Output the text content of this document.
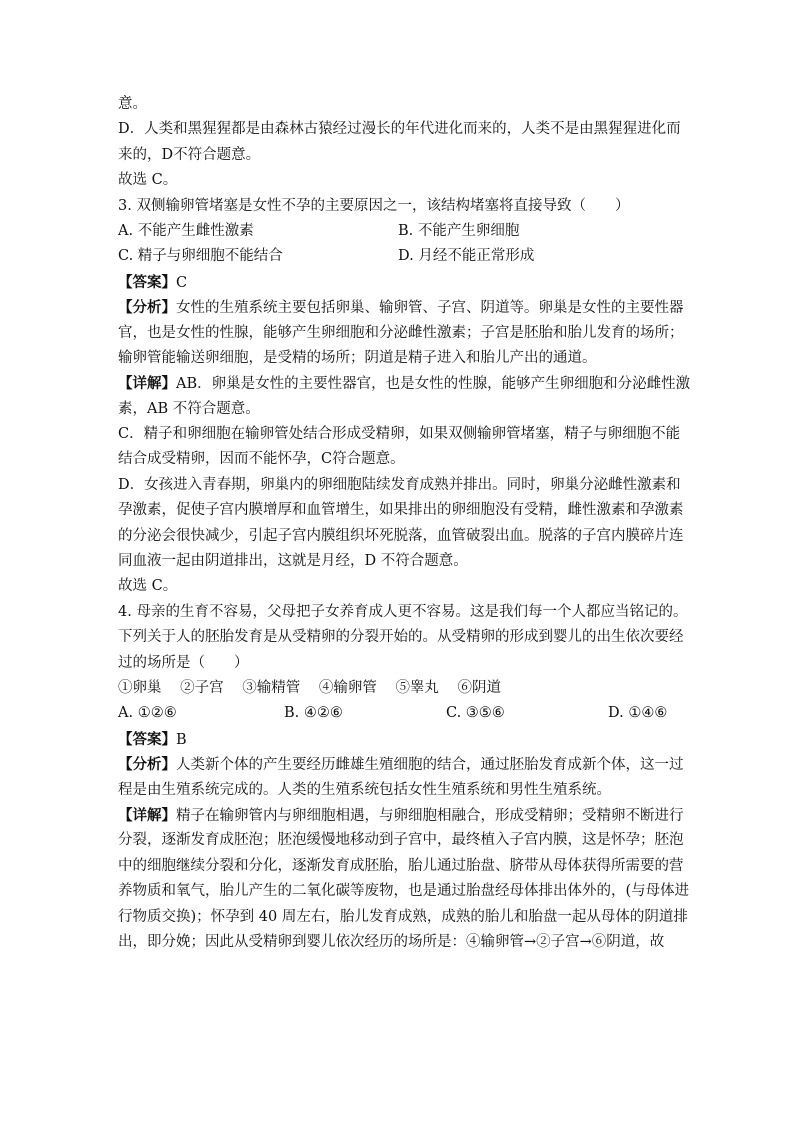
意。
D．人类和黑猩猩都是由森林古猿经过漫长的年代进化而来的，人类不是由黑猩猩进化而
来的，D不符合题意。
故选 C。
3. 双侧输卵管堵塞是女性不孕的主要原因之一，该结构堵塞将直接导致（　　）
A. 不能产生雌性激素	B. 不能产生卵细胞
C. 精子与卵细胞不能结合	D. 月经不能正常形成
【答案】C
【分析】女性的生殖系统主要包括卵巢、输卵管、子宫、阴道等。卵巢是女性的主要性器
官，也是女性的性腺，能够产生卵细胞和分泌雌性激素；子宫是胚胎和胎儿发育的场所；
输卵管能输送卵细胞，是受精的场所；阴道是精子进入和胎儿产出的通道。
【详解】AB．卵巢是女性的主要性器官，也是女性的性腺，能够产生卵细胞和分泌雌性激
素，AB 不符合题意。
C．精子和卵细胞在输卵管处结合形成受精卵，如果双侧输卵管堵塞，精子与卵细胞不能
结合成受精卵，因而不能怀孕，C符合题意。
D．女孩进入青春期，卵巢内的卵细胞陆续发育成熟并排出。同时，卵巢分泌雌性激素和
孕激素，促使子宫内膜增厚和血管增生，如果排出的卵细胞没有受精，雌性激素和孕激素
的分泌会很快减少，引起子宫内膜组织坏死脱落，血管破裂出血。脱落的子宫内膜碎片连
同血液一起由阴道排出，这就是月经，D 不符合题意。
故选 C。
4. 母亲的生育不容易，父母把子女养育成人更不容易。这是我们每一个人都应当铭记的。
下列关于人的胚胎发育是从受精卵的分裂开始的。从受精卵的形成到婴儿的出生依次要经
过的场所是（　　）
①卵巢 ②子宫 ③输精管 ④输卵管 ⑤睾丸 ⑥阴道
A. ①②⑥	B. ④②⑥	C. ③⑤⑥	D. ①④⑥
【答案】B
【分析】人类新个体的产生要经历雌雄生殖细胞的结合，通过胚胎发育成新个体，这一过
程是由生殖系统完成的。人类的生殖系统包括女性生殖系统和男性生殖系统。
【详解】精子在输卵管内与卵细胞相遇，与卵细胞相融合，形成受精卵；受精卵不断进行
分裂，逐渐发育成胚泡；胚泡缓慢地移动到子宫中，最终植入子宫内膜，这是怀孕；胚泡
中的细胞继续分裂和分化，逐渐发育成胚胎，胎儿通过胎盘、脐带从母体获得所需要的营
养物质和氧气，胎儿产生的二氧化碳等废物，也是通过胎盘经母体排出体外的，(与母体进
行物质交换)；怀孕到 40 周左右，胎儿发育成熟，成熟的胎儿和胎盘一起从母体的阴道排
出，即分娩；因此从受精卵到婴儿依次经历的场所是：④输卵管→②子宫→⑥阴道，故
